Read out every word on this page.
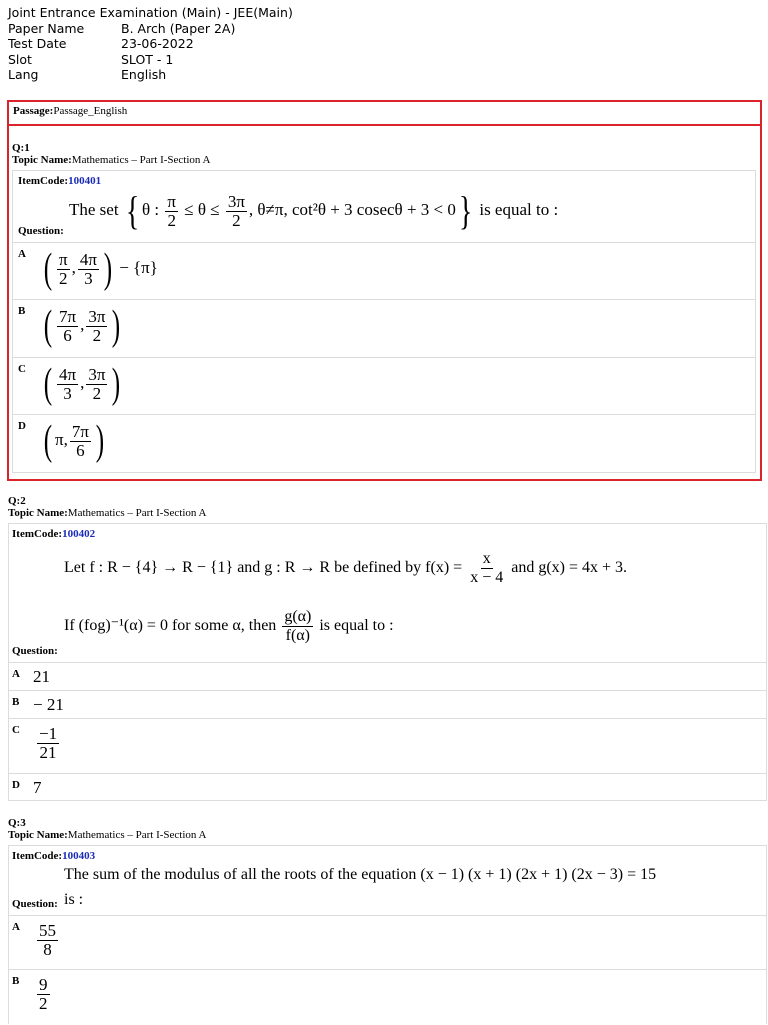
Joint Entrance Examination (Main) - JEE(Main)
Paper Name	B. Arch (Paper 2A)
Test Date	23-06-2022
Slot	SLOT - 1
Lang	English
Passage:Passage_English
Q:1
Topic Name:Mathematics – Part I-Section A
ItemCode:100401
Question:
The set { θ : $\frac{\pi}{2} \le \theta \le \frac{3\pi}{2}$ , θ≠π, cot²θ + 3 cosecθ + 3 < 0} is equal to :
A ( $\frac{\pi}{2}$ , $\frac{4\pi}{3}$ ) − {π}
B ( $\frac{7\pi}{6}$ , $\frac{3\pi}{2}$ )
C ( $\frac{4\pi}{3}$ , $\frac{3\pi}{2}$ )
D ( π, $\frac{7\pi}{6}$ )
Q:2
Topic Name:Mathematics – Part I-Section A
ItemCode:100402
Let f : R − {4} → R − {1} and g : R → R be defined by $f(x) = \frac{x}{x - 4}$ and g(x) = 4x + 3.
If (fog)⁻¹(α) = 0 for some α, then $\frac{g(\alpha)}{f(\alpha)}$ is equal to :
Question:
A 21
B − 21
C $\frac{-1}{21}$
D 7
Q:3
Topic Name:Mathematics – Part I-Section A
ItemCode:100403
The sum of the modulus of all the roots of the equation (x − 1) (x + 1) (2x + 1) (2x − 3) = 15
Question: is :
A $\frac{55}{8}$
B $\frac{9}{2}$
